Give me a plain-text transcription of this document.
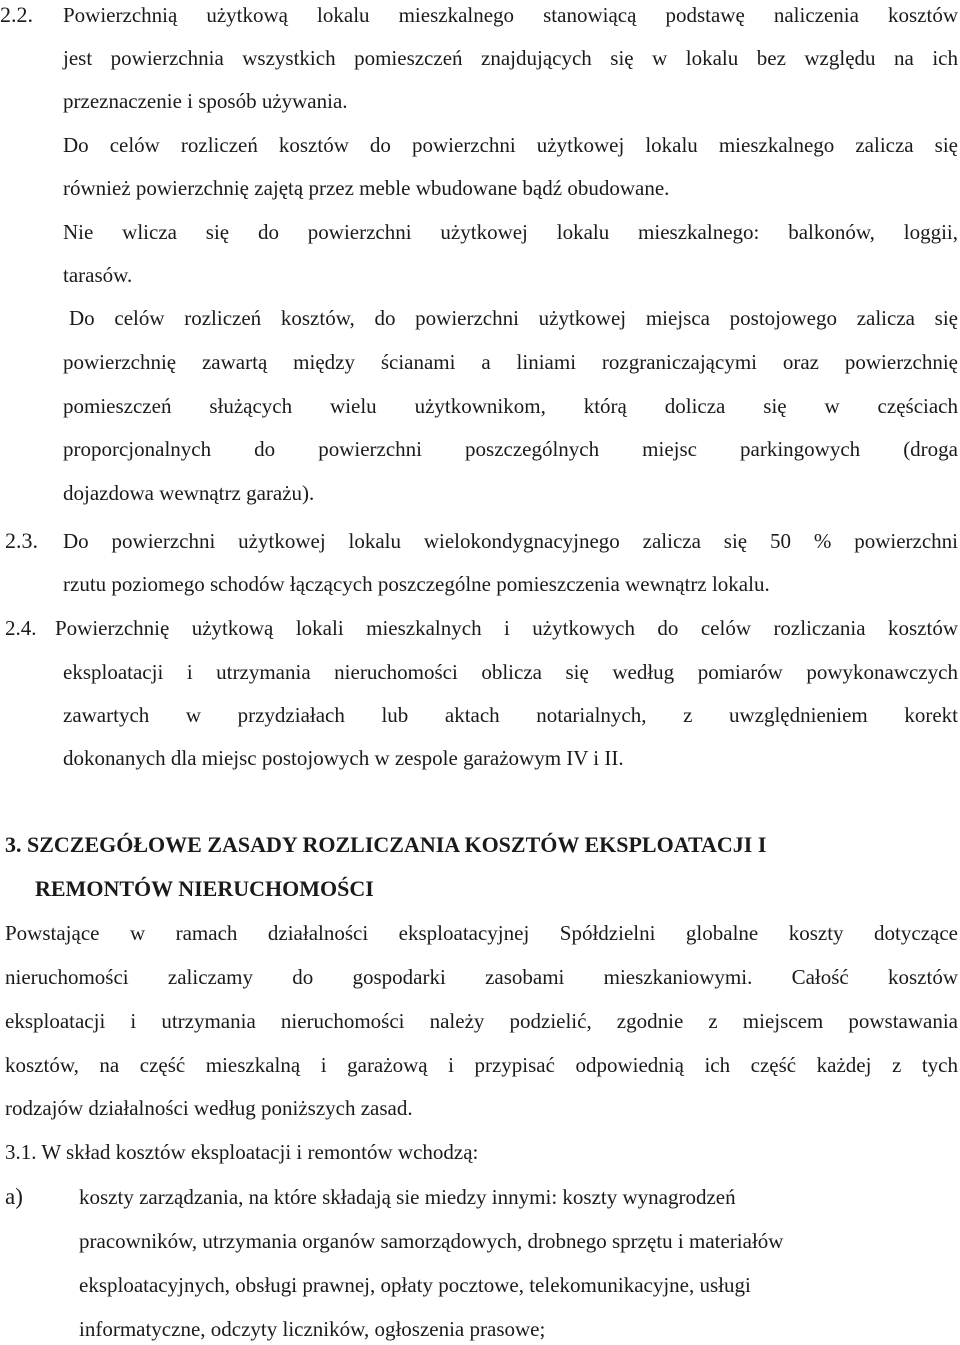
2.2. Powierzchnią użytkową lokalu mieszkalnego stanowiącą podstawę naliczenia kosztów
jest powierzchnia wszystkich pomieszczeń znajdujących się w lokalu bez względu na ich
przeznaczenie i sposób używania.
Do celów rozliczeń kosztów do powierzchni użytkowej lokalu mieszkalnego zalicza się
również powierzchnię zajętą przez meble wbudowane bądź obudowane.
Nie wlicza się do powierzchni użytkowej lokalu mieszkalnego: balkonów, loggii,
tarasów.
Do celów rozliczeń kosztów, do powierzchni użytkowej miejsca postojowego zalicza się
powierzchnię zawartą między ścianami a liniami rozgraniczającymi oraz powierzchnię
pomieszczeń służących wielu użytkownikom, którą dolicza się w częściach
proporcjonalnych do powierzchni poszczególnych miejsc parkingowych (droga
dojazdowa wewnątrz garażu).
2.3. Do powierzchni użytkowej lokalu wielokondygnacyjnego zalicza się 50 % powierzchni
rzutu poziomego schodów łączących poszczególne pomieszczenia wewnątrz lokalu.
2.4. Powierzchnię użytkową lokali mieszkalnych i użytkowych do celów rozliczania kosztów
eksploatacji i utrzymania nieruchomości oblicza się według pomiarów powykonawczych
zawartych w przydziałach lub aktach notarialnych, z uwzględnieniem korekt
dokonanych dla miejsc postojowych w zespole garażowym IV i II.
3. SZCZEGÓŁOWE ZASADY ROZLICZANIA KOSZTÓW EKSPLOATACJI I
REMONTÓW NIERUCHOMOŚCI
Powstające w ramach działalności eksploatacyjnej Spółdzielni globalne koszty dotyczące
nieruchomości zaliczamy do gospodarki zasobami mieszkaniowymi. Całość kosztów
eksploatacji i utrzymania nieruchomości należy podzielić, zgodnie z miejscem powstawania
kosztów, na część mieszkalną i garażową i przypisać odpowiednią ich część każdej z tych
rodzajów działalności według poniższych zasad.
3.1. W skład kosztów eksploatacji i remontów wchodzą:
a)	koszty zarządzania, na które składają sie miedzy innymi: koszty wynagrodzeń
pracowników, utrzymania organów samorządowych, drobnego sprzętu i materiałów
eksploatacyjnych, obsługi prawnej, opłaty pocztowe, telekomunikacyjne, usługi
informatyczne, odczyty liczników, ogłoszenia prasowe;
